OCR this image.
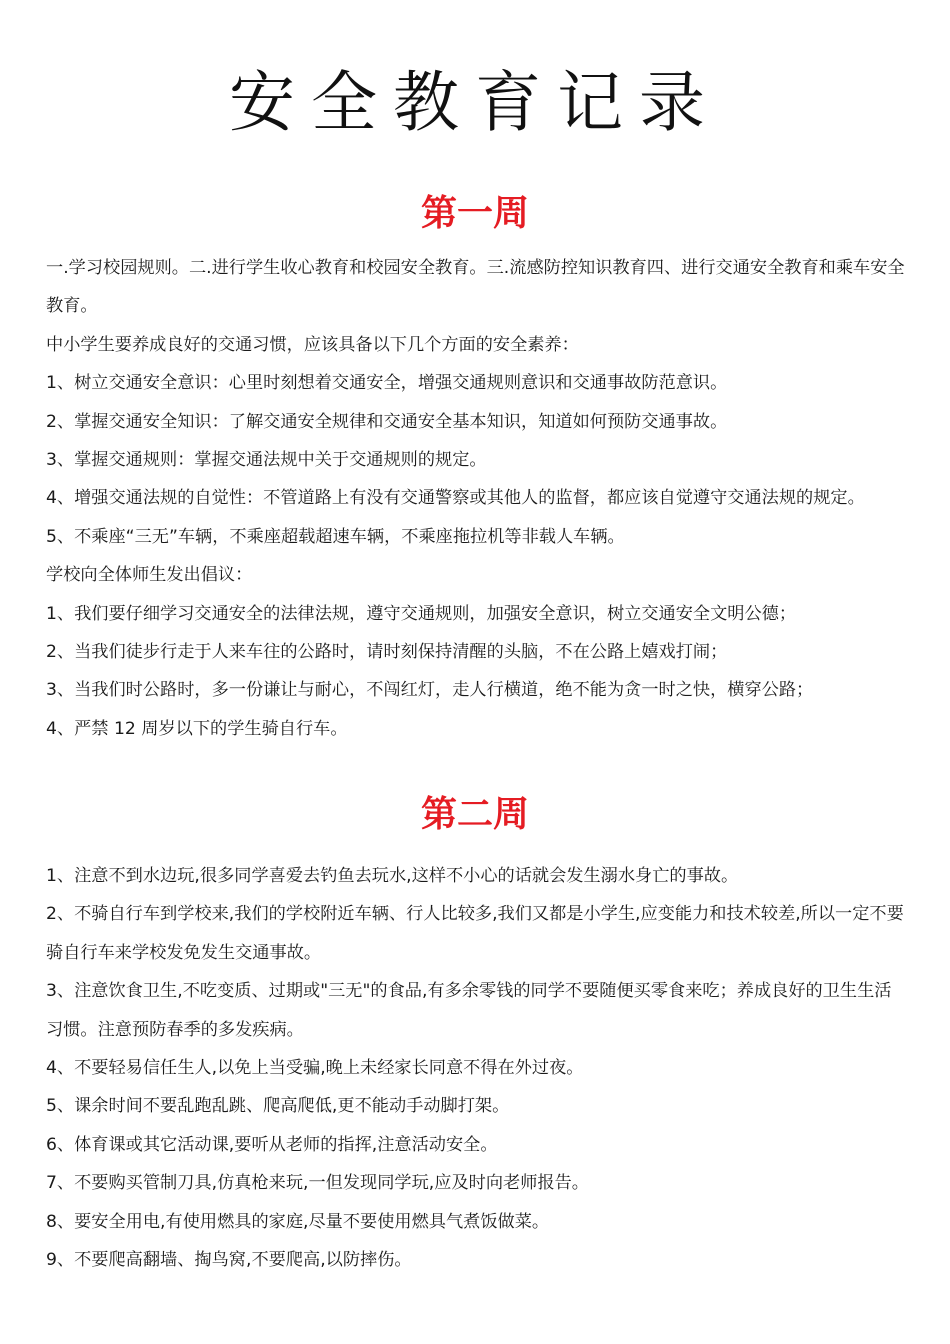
安全教育记录
第一周

一.学习校园规则。二.进行学生收心教育和校园安全教育。三.流感防控知识教育四、进行交通安全教育和乘车安全教育。

中小学生要养成良好的交通习惯，应该具备以下几个方面的安全素养：

1、树立交通安全意识：心里时刻想着交通安全，增强交通规则意识和交通事故防范意识。

2、掌握交通安全知识：了解交通安全规律和交通安全基本知识，知道如何预防交通事故。

3、掌握交通规则：掌握交通法规中关于交通规则的规定。

4、增强交通法规的自觉性：不管道路上有没有交通警察或其他人的监督，都应该自觉遵守交通法规的规定。

5、不乘座“三无”车辆，不乘座超载超速车辆，不乘座拖拉机等非载人车辆。

学校向全体师生发出倡议：

1、我们要仔细学习交通安全的法律法规，遵守交通规则，加强安全意识，树立交通安全文明公德；

2、当我们徒步行走于人来车往的公路时，请时刻保持清醒的头脑，不在公路上嬉戏打闹；

3、当我们时公路时，多一份谦让与耐心，不闯红灯，走人行横道，绝不能为贪一时之快，横穿公路；

4、严禁 12 周岁以下的学生骑自行车。

第二周

1、注意不到水边玩,很多同学喜爱去钓鱼去玩水,这样不小心的话就会发生溺水身亡的事故。

2、不骑自行车到学校来,我们的学校附近车辆、行人比较多,我们又都是小学生,应变能力和技术较差,所以一定不要骑自行车来学校发免发生交通事故。

3、注意饮食卫生,不吃变质、过期或"三无"的食品,有多余零钱的同学不要随便买零食来吃；养成良好的卫生生活习惯。注意预防春季的多发疾病。

4、不要轻易信任生人,以免上当受骗,晚上未经家长同意不得在外过夜。

5、课余时间不要乱跑乱跳、爬高爬低,更不能动手动脚打架。

6、体育课或其它活动课,要听从老师的指挥,注意活动安全。

7、不要购买管制刀具,仿真枪来玩,一但发现同学玩,应及时向老师报告。

8、要安全用电,有使用燃具的家庭,尽量不要使用燃具气煮饭做菜。

9、不要爬高翻墙、掏鸟窝,不要爬高,以防摔伤。
